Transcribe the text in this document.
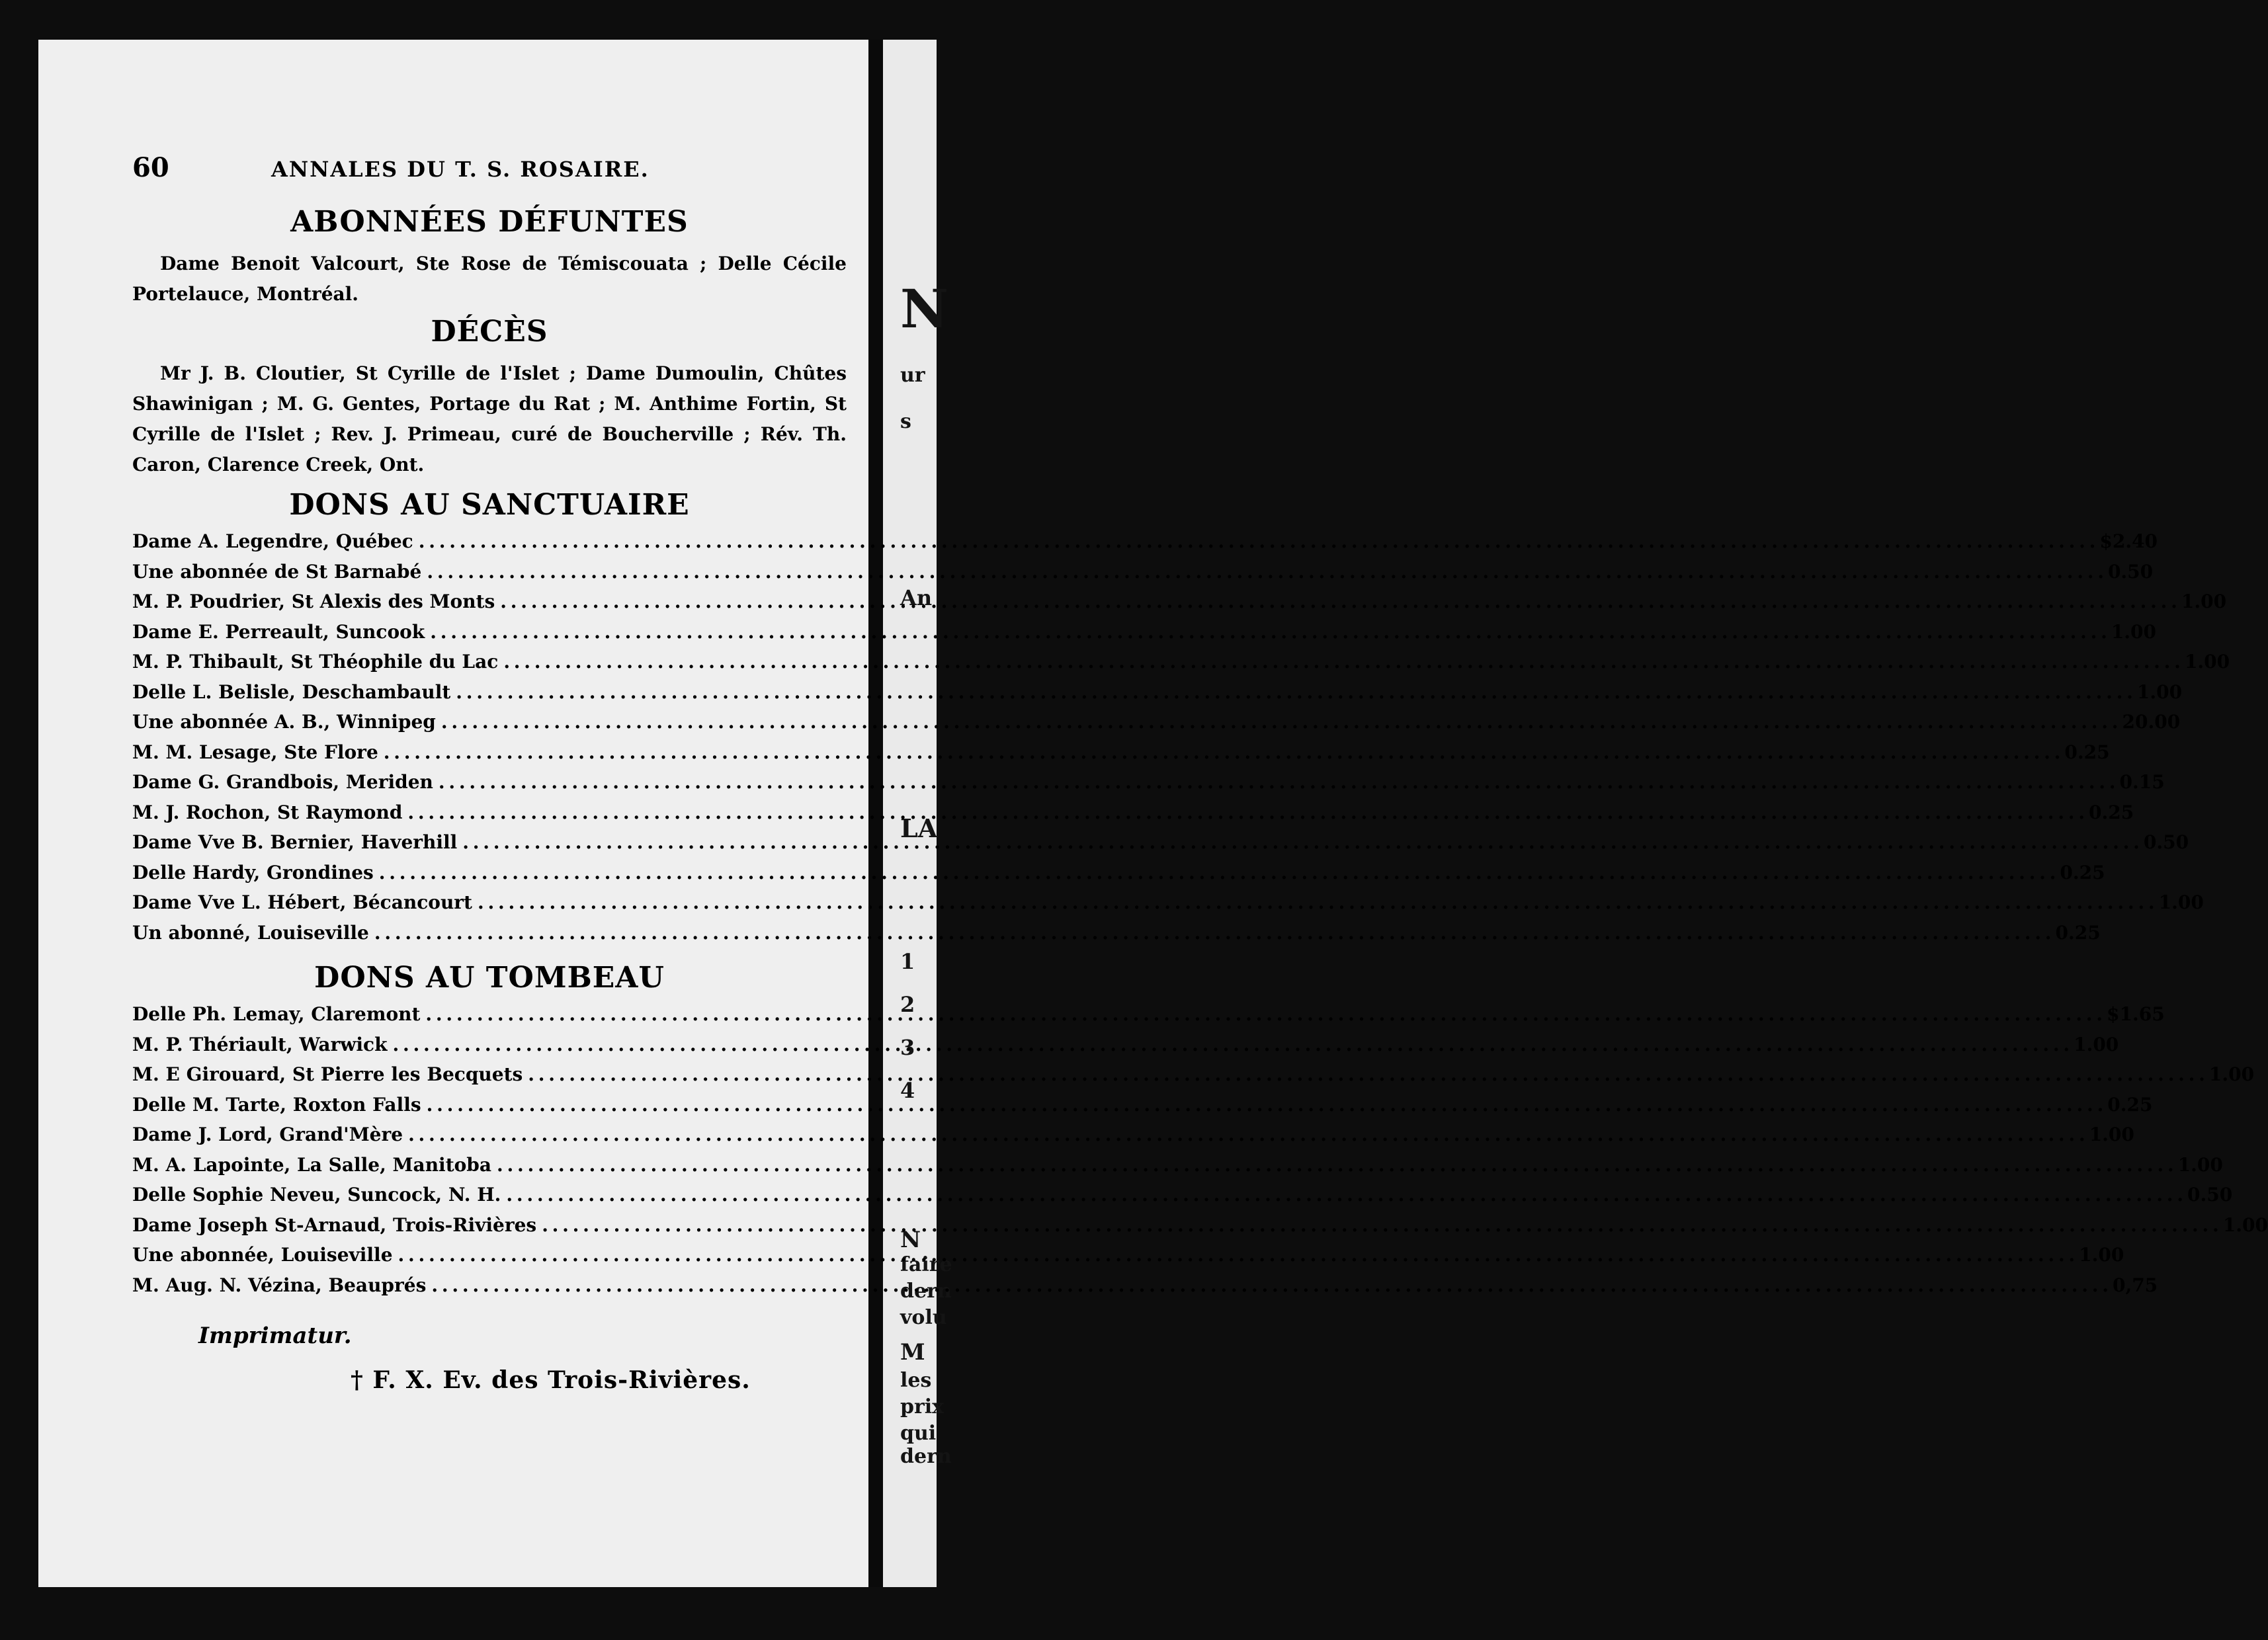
N
ur
s
An
LA
1
2
3
4
N
faire
dern
volu
M
les
prix
qui
dern
60	ANNALES DU T. S. ROSAIRE.
ABONNÉES DÉFUNTES

Dame Benoit Valcourt, Ste Rose de Témiscouata ; Delle Cécile Portelauce, Montréal.

DÉCÈS

Mr J. B. Cloutier, St Cyrille de l'Islet ; Dame Dumoulin, Chûtes Shawinigan ; M. G. Gentes, Portage du Rat ; M. Anthime Fortin, St Cyrille de l'Islet ; Rev. J. Primeau, curé de Boucherville ; Rév. Th. Caron, Clarence Creek, Ont.

DONS AU SANCTUAIRE
Dame A. Legendre, Québec . . .	$2.40
Une abonnée de St Barnabé . . .	0.50
M. P. Poudrier, St Alexis des Monts . . .	1.00
Dame E. Perreault, Suncook . . .	1.00
M. P. Thibault, St Théophile du Lac . . .	1.00
Delle L. Belisle, Deschambault . . .	1.00
Une abonnée A. B., Winnipeg . . .	20.00
M. M. Lesage, Ste Flore . . .	0.25
Dame G. Grandbois, Meriden . . .	0.15
M. J. Rochon, St Raymond . . .	0.25
Dame Vve B. Bernier, Haverhill . . .	0.50
Delle Hardy, Grondines . . .	0.25
Dame Vve L. Hébert, Bécancourt . . .	1.00
Un abonné, Louiseville . . .	0.25
DONS AU TOMBEAU
Delle Ph. Lemay, Claremont . . .	$1.65
M. P. Thériault, Warwick . . .	1.00
M. E Girouard, St Pierre les Becquets . . .	1.00
Delle M. Tarte, Roxton Falls . . .	0.25
Dame J. Lord, Grand'Mère . . .	1.00
M. A. Lapointe, La Salle, Manitoba . . .	1.00
Delle Sophie Neveu, Suncock, N. H. . . .	0.50
Dame Joseph St-Arnaud, Trois-Rivières . . .	1.00
Une abonnée, Louiseville . . .	1.00
M. Aug. N. Vézina, Beauprés . . .	0,75
Imprimatur.
† F. X. Ev. des Trois-Rivières.
